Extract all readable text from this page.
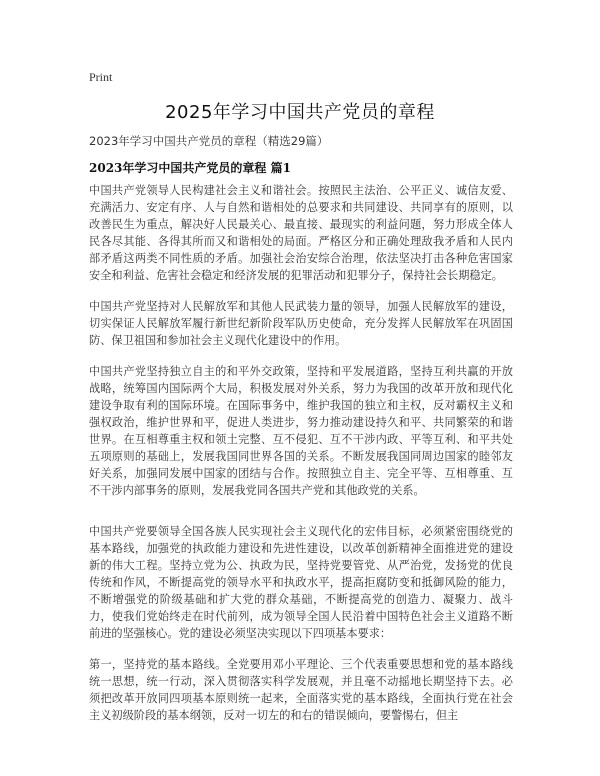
Print
2025年学习中国共产党员的章程
2023年学习中国共产党员的章程（精选29篇）
2023年学习中国共产党员的章程 篇1

中国共产党领导人民构建社会主义和谐社会。按照民主法治、公平正义、诚信友爱、充满活力、安定有序、人与自然和谐相处的总要求和共同建设、共同享有的原则，以改善民生为重点，解决好人民最关心、最直接、最现实的利益问题，努力形成全体人民各尽其能、各得其所而又和谐相处的局面。严格区分和正确处理敌我矛盾和人民内部矛盾这两类不同性质的矛盾。加强社会治安综合治理，依法坚决打击各种危害国家安全和利益、危害社会稳定和经济发展的犯罪活动和犯罪分子，保持社会长期稳定。

中国共产党坚持对人民解放军和其他人民武装力量的领导，加强人民解放军的建设，切实保证人民解放军履行新世纪新阶段军队历史使命，充分发挥人民解放军在巩固国防、保卫祖国和参加社会主义现代化建设中的作用。

中国共产党坚持独立自主的和平外交政策，坚持和平发展道路，坚持互利共赢的开放战略，统筹国内国际两个大局，积极发展对外关系，努力为我国的改革开放和现代化建设争取有利的国际环境。在国际事务中，维护我国的独立和主权，反对霸权主义和强权政治，维护世界和平，促进人类进步，努力推动建设持久和平、共同繁荣的和谐世界。在互相尊重主权和领土完整、互不侵犯、互不干涉内政、平等互利、和平共处五项原则的基础上，发展我国同世界各国的关系。不断发展我国同周边国家的睦邻友好关系，加强同发展中国家的团结与合作。按照独立自主、完全平等、互相尊重、互不干涉内部事务的原则，发展我党同各国共产党和其他政党的关系。

中国共产党要领导全国各族人民实现社会主义现代化的宏伟目标，必须紧密围绕党的基本路线，加强党的执政能力建设和先进性建设，以改革创新精神全面推进党的建设新的伟大工程。坚持立党为公、执政为民，坚持党要管党、从严治党，发扬党的优良传统和作风，不断提高党的领导水平和执政水平，提高拒腐防变和抵御风险的能力，不断增强党的阶级基础和扩大党的群众基础，不断提高党的创造力、凝聚力、战斗力，使我们党始终走在时代前列，成为领导全国人民沿着中国特色社会主义道路不断前进的坚强核心。党的建设必须坚决实现以下四项基本要求：

第一，坚持党的基本路线。全党要用邓小平理论、三个代表重要思想和党的基本路线统一思想，统一行动，深入贯彻落实科学发展观，并且毫不动摇地长期坚持下去。必须把改革开放同四项基本原则统一起来，全面落实党的基本路线，全面执行党在社会主义初级阶段的基本纲领，反对一切左的和右的错误倾向，要警惕右，但主
